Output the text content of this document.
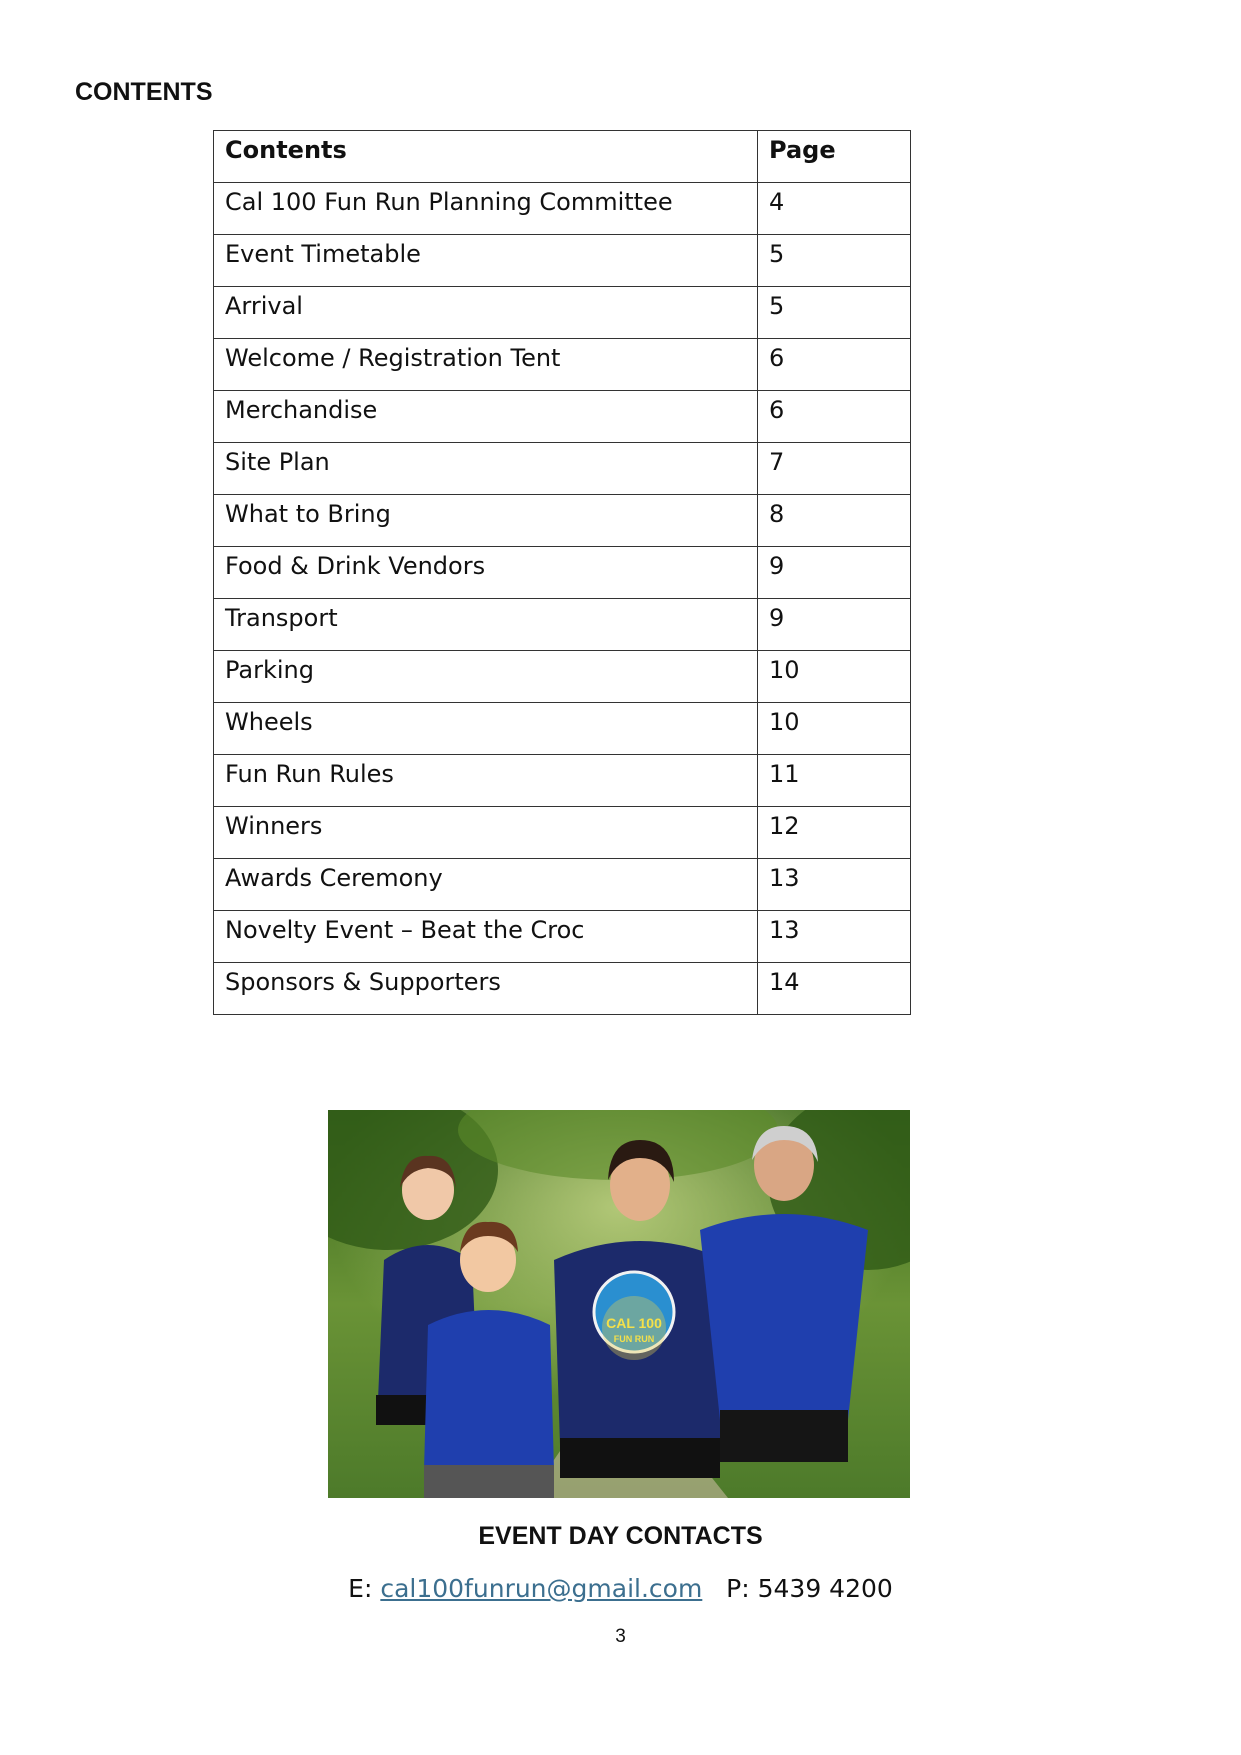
CONTENTS
Contents	Page
Cal 100 Fun Run Planning Committee	4
Event Timetable	5
Arrival	5
Welcome / Registration Tent	6
Merchandise	6
Site Plan	7
What to Bring	8
Food & Drink Vendors	9
Transport	9
Parking	10
Wheels	10
Fun Run Rules	11
Winners	12
Awards Ceremony	13
Novelty Event – Beat the Croc	13
Sponsors & Supporters	14
CAL 100
FUN RUN
EVENT DAY CONTACTS
E: cal100funrun@gmail.com P: 5439 4200
3
